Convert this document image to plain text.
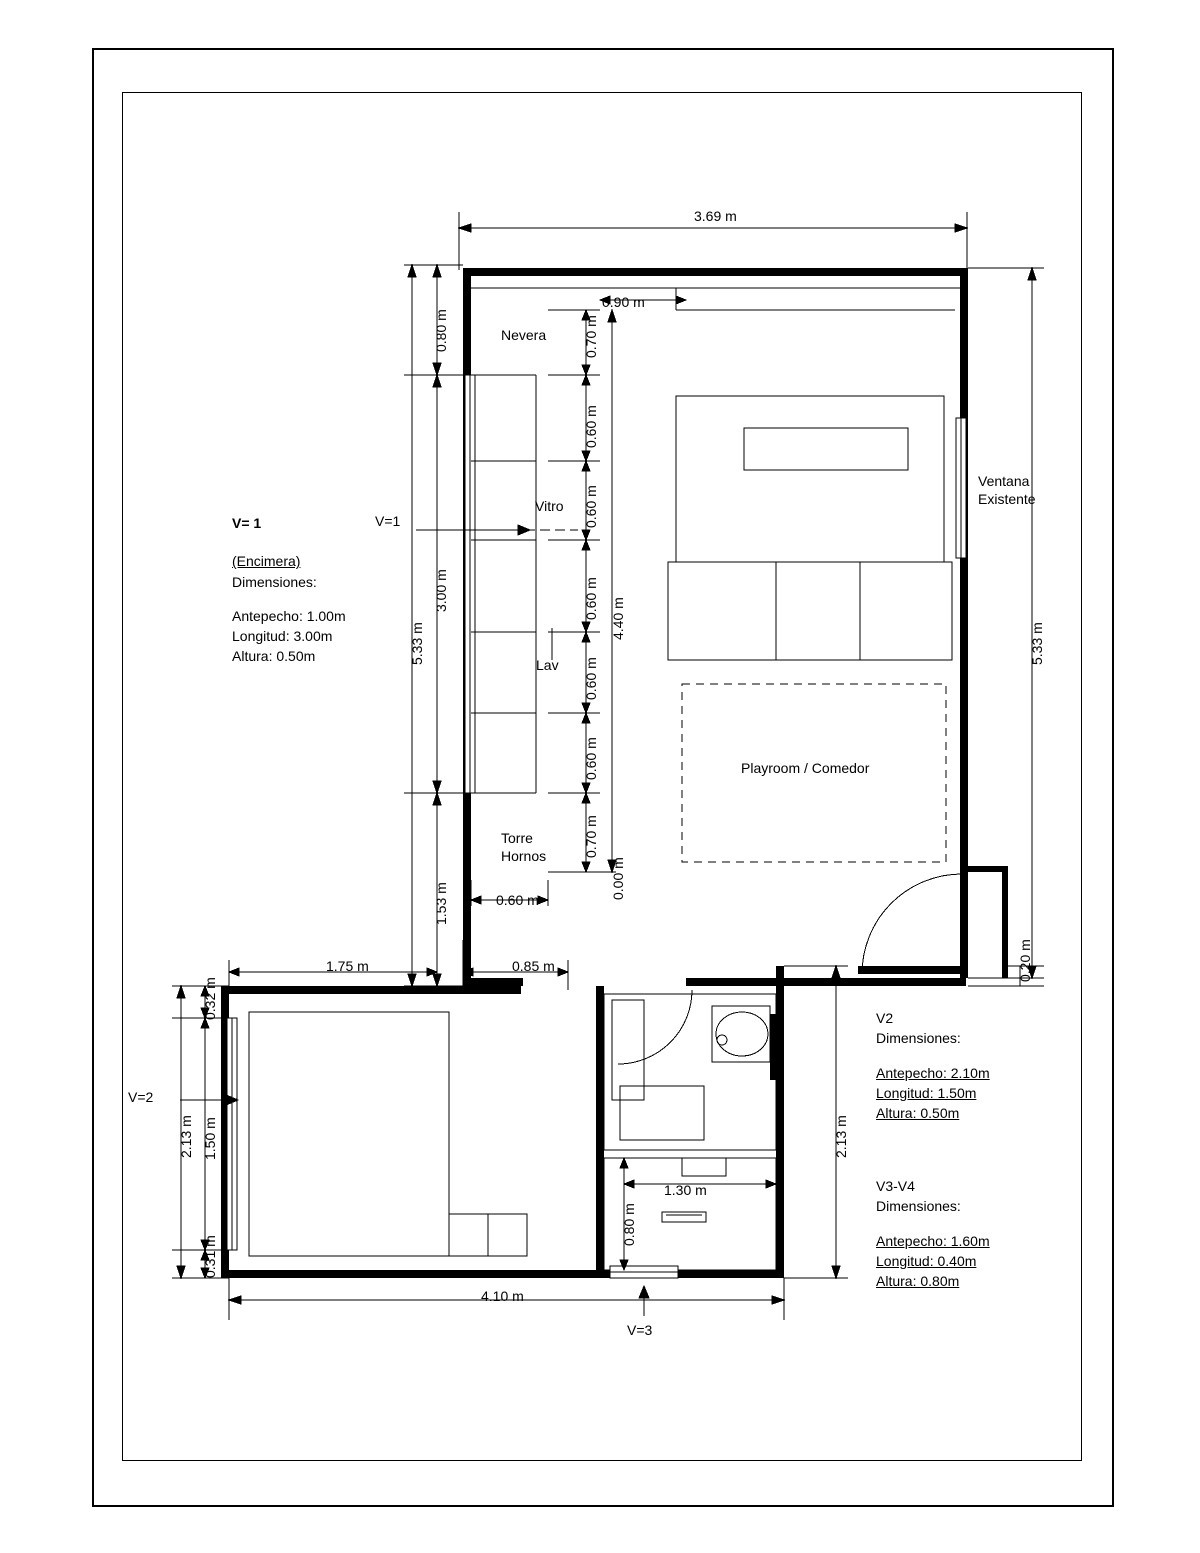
3.69 m
0.80 m
3.00 m
1.53 m
5.33 m
0.90 m
0.70 m
0.60 m
0.60 m
0.60 m
0.60 m
0.60 m
0.70 m
0.00 m
4.40 m
5.33 m
0.20 m
0.60 m
1.75 m	0.85 m
0.32 m
1.50 m
0.31 m
2.13 m	2.13 m
1.30 m
0.80 m
4.10 m
Nevera
Vitro
Lav
Torre
Hornos
Playroom / Comedor
V=1
V=2
V=3
Ventana
Existente
V= 1
(Encimera)
Dimensiones:
Antepecho: 1.00m
Longitud: 3.00m
Altura: 0.50m
V2
Dimensiones:
Antepecho: 2.10m
Longitud: 1.50m
Altura: 0.50m
V3-V4
Dimensiones:
Antepecho: 1.60m
Longitud: 0.40m
Altura: 0.80m
